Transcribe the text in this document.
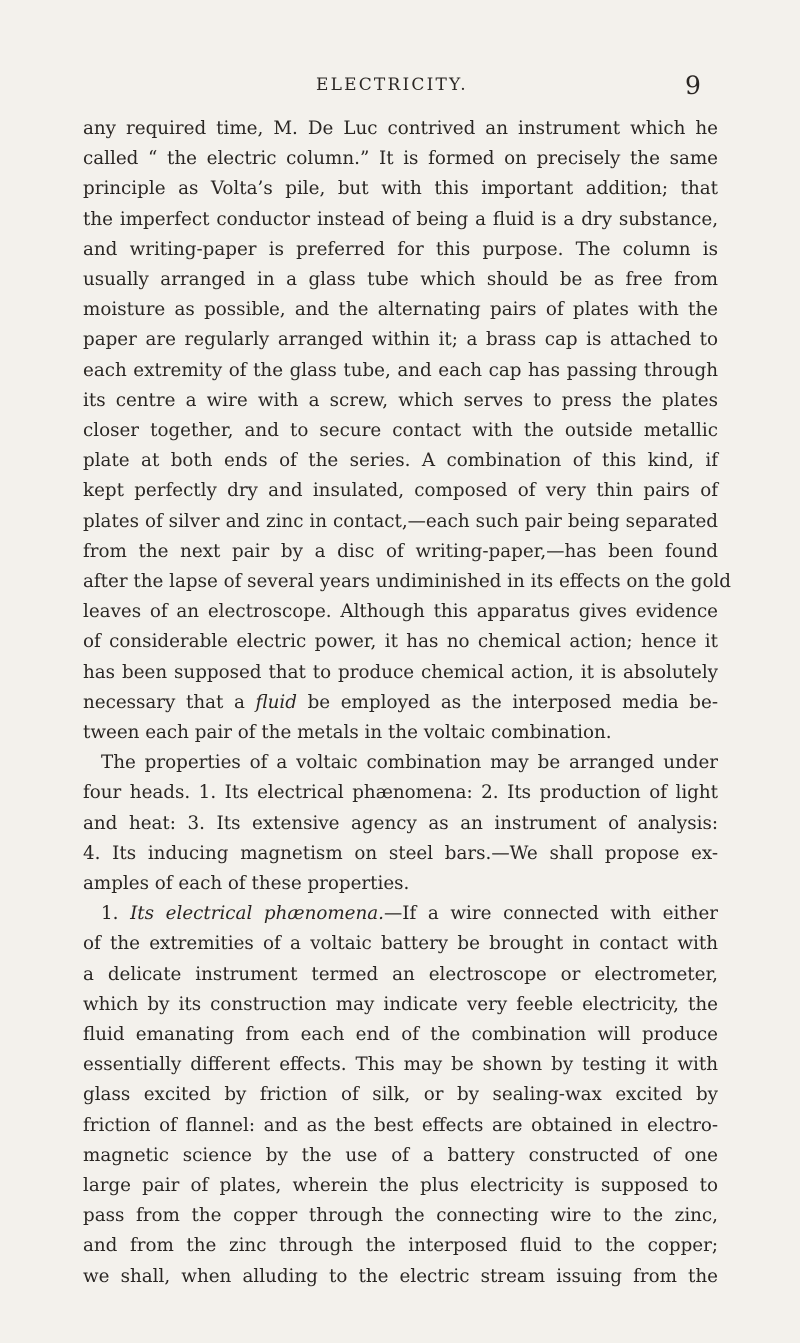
ELECTRICITY.	9
any required time, M. De Luc contrived an instrument which he
called “ the electric column.” It is formed on precisely the same
principle as Volta’s pile, but with this important addition; that
the imperfect conductor instead of being a fluid is a dry substance,
and writing-paper is preferred for this purpose. The column is
usually arranged in a glass tube which should be as free from
moisture as possible, and the alternating pairs of plates with the
paper are regularly arranged within it; a brass cap is attached to
each extremity of the glass tube, and each cap has passing through
its centre a wire with a screw, which serves to press the plates
closer together, and to secure contact with the outside metallic
plate at both ends of the series. A combination of this kind, if
kept perfectly dry and insulated, composed of very thin pairs of
plates of silver and zinc in contact,—each such pair being separated
from the next pair by a disc of writing-paper,—has been found
after the lapse of several years undiminished in its effects on the gold
leaves of an electroscope. Although this apparatus gives evidence
of considerable electric power, it has no chemical action; hence it
has been supposed that to produce chemical action, it is absolutely
necessary that a fluid be employed as the interposed media be-
tween each pair of the metals in the voltaic combination.
The properties of a voltaic combination may be arranged under
four heads. 1. Its electrical phænomena: 2. Its production of light
and heat: 3. Its extensive agency as an instrument of analysis:
4. Its inducing magnetism on steel bars.—We shall propose ex-
amples of each of these properties.
1. Its electrical phænomena.—If a wire connected with either
of the extremities of a voltaic battery be brought in contact with
a delicate instrument termed an electroscope or electrometer,
which by its construction may indicate very feeble electricity, the
fluid emanating from each end of the combination will produce
essentially different effects. This may be shown by testing it with
glass excited by friction of silk, or by sealing-wax excited by
friction of flannel: and as the best effects are obtained in electro-
magnetic science by the use of a battery constructed of one
large pair of plates, wherein the plus electricity is supposed to
pass from the copper through the connecting wire to the zinc,
and from the zinc through the interposed fluid to the copper;
we shall, when alluding to the electric stream issuing from the
